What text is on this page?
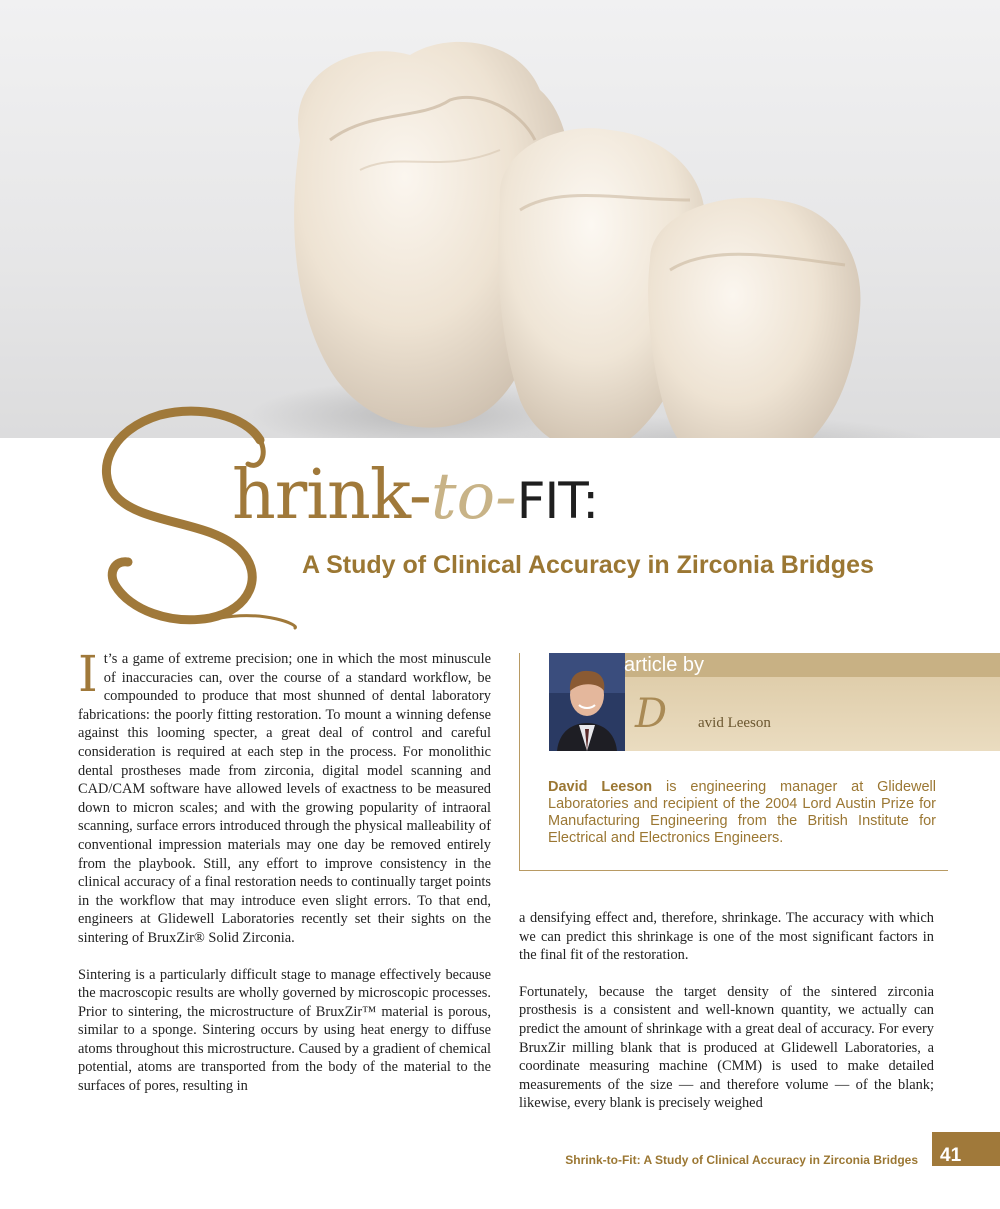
hrink-to-FIT:
A Study of Clinical Accuracy in Zirconia Bridges

It’s a game of extreme precision; one in which the most minuscule of inaccuracies can, over the course of a standard workflow, be compounded to produce that most shunned of dental laboratory fabrications: the poorly fitting restoration. To mount a winning defense against this looming specter, a great deal of control and careful consideration is required at each step in the process. For monolithic dental prostheses made from zirconia, digital model scanning and CAD/CAM software have allowed levels of exactness to be measured down to micron scales; and with the growing popularity of intraoral scanning, surface errors introduced through the physical malleability of conventional impression materials may one day be removed entirely from the playbook. Still, any effort to improve consistency in the clinical accuracy of a final restoration needs to continually target points in the workflow that may introduce even slight errors. To that end, engineers at Glidewell Laboratories recently set their sights on the sintering of BruxZir® Solid Zirconia.

Sintering is a particularly difficult stage to manage effectively because the macroscopic results are wholly governed by microscopic processes. Prior to sintering, the microstructure of BruxZir™ material is porous, similar to a sponge. Sintering occurs by using heat energy to diffuse atoms throughout this microstructure. Caused by a gradient of chemical potential, atoms are transported from the body of the material to the surfaces of pores, resulting in

article by
D avid Leeson
David Leeson is engineering manager at Glidewell Laboratories and recipient of the 2004 Lord Austin Prize for Manufacturing Engineering from the British Institute for Electrical and Electronics Engineers.

a densifying effect and, therefore, shrinkage. The accuracy with which we can predict this shrinkage is one of the most significant factors in the final fit of the restoration.

Fortunately, because the target density of the sintered zirconia prosthesis is a consistent and well-known quantity, we actually can predict the amount of shrinkage with a great deal of accuracy. For every BruxZir milling blank that is produced at Glidewell Laboratories, a coordinate measuring machine (CMM) is used to make detailed measurements of the size — and therefore volume — of the blank; likewise, every blank is precisely weighed

Shrink-to-Fit: A Study of Clinical Accuracy in Zirconia Bridges 41
